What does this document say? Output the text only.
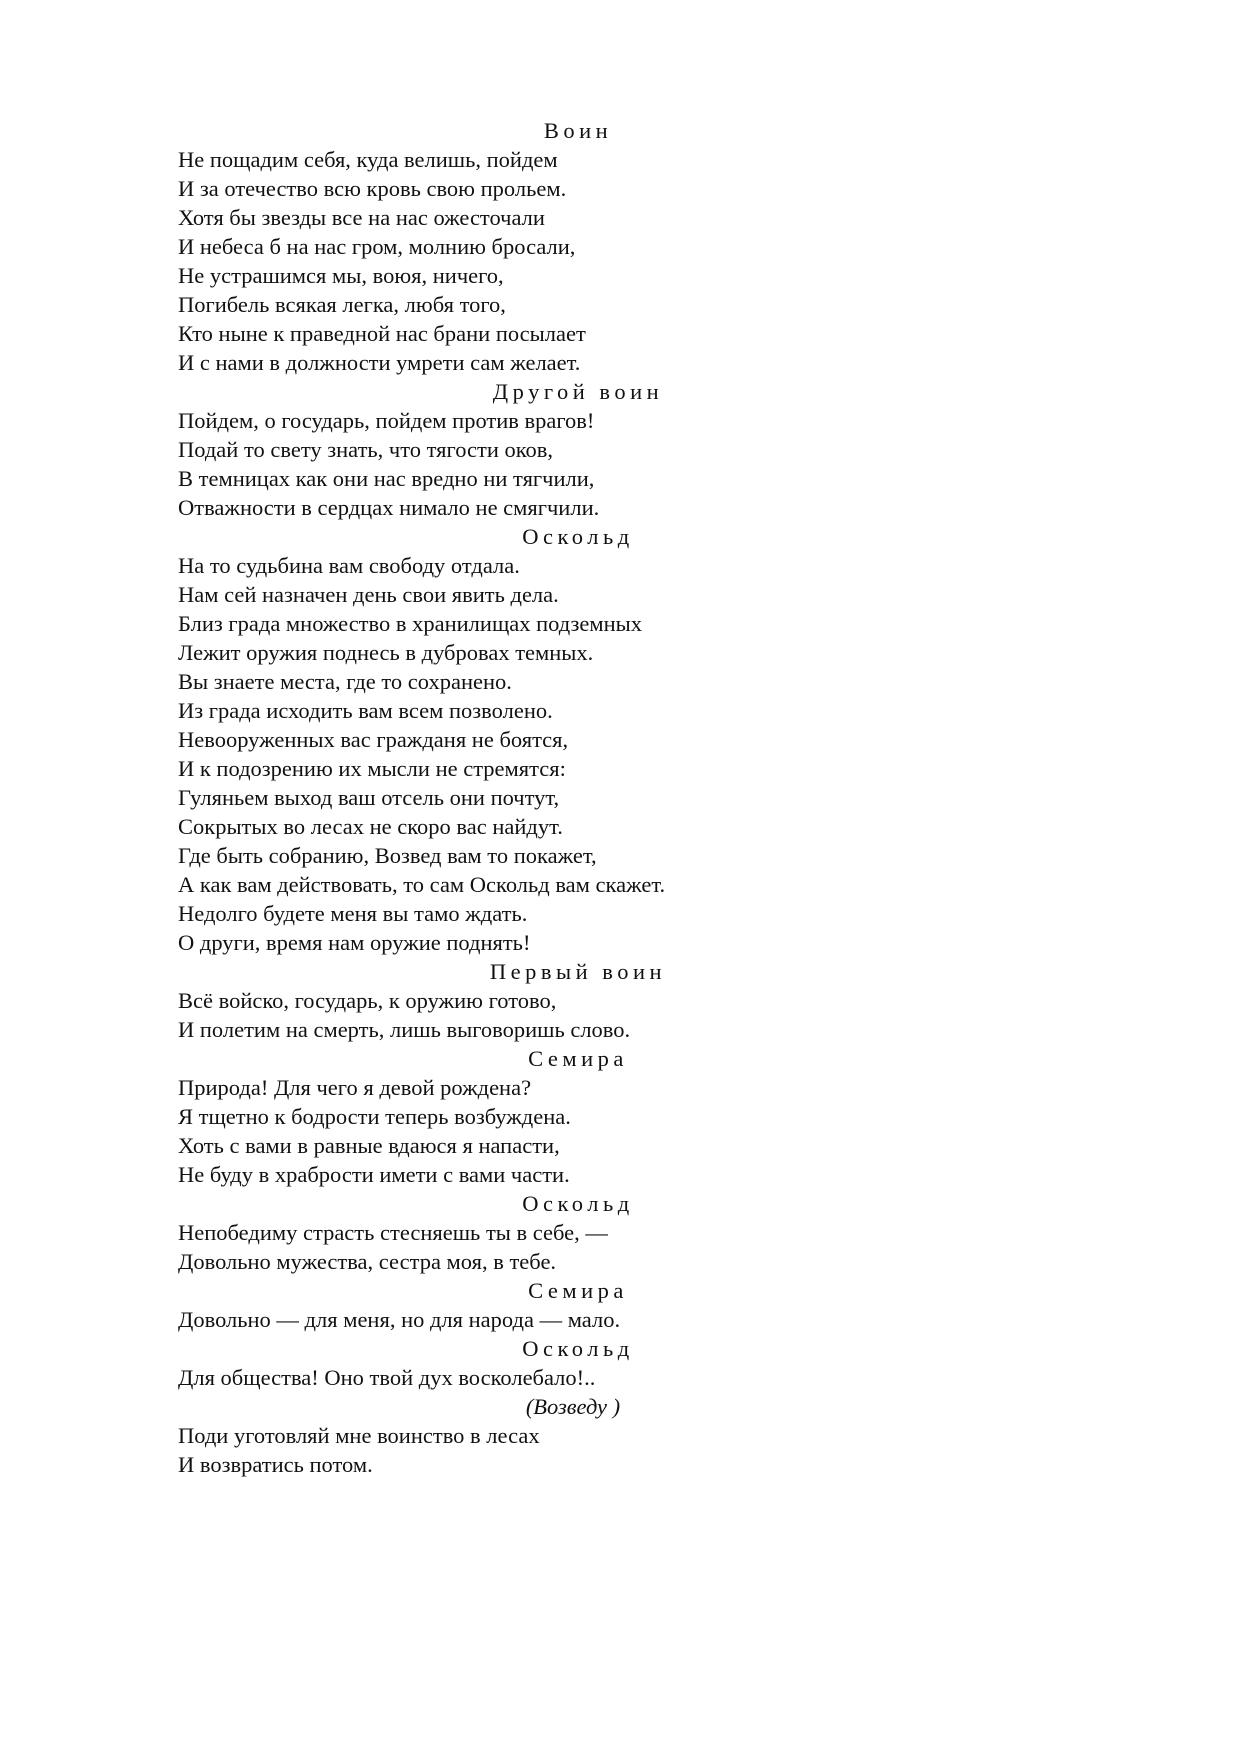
Воин
Не пощадим себя, куда велишь, пойдем
И за отечество всю кровь свою прольем.
Хотя бы звезды все на нас ожесточали
И небеса б на нас гром, молнию бросали,
Не устрашимся мы, воюя, ничего,
Погибель всякая легка, любя того,
Кто ныне к праведной нас брани посылает
И с нами в должности умрети сам желает.
Другой воин
Пойдем, о государь, пойдем против врагов!
Подай то свету знать, что тягости оков,
В темницах как они нас вредно ни тягчили,
Отважности в сердцах нимало не смягчили.
Оскольд
На то судьбина вам свободу отдала.
Нам сей назначен день свои явить дела.
Близ града множество в хранилищах подземных
Лежит оружия поднесь в дубровах темных.
Вы знаете места, где то сохранено.
Из града исходить вам всем позволено.
Невооруженных вас гражданя не боятся,
И к подозрению их мысли не стремятся:
Гуляньем выход ваш отсель они почтут,
Сокрытых во лесах не скоро вас найдут.
Где быть собранию, Возвед вам то покажет,
А как вам действовать, то сам Оскольд вам скажет.
Недолго будете меня вы тамо ждать.
О други, время нам оружие поднять!
Первый воин
Всё войско, государь, к оружию готово,
И полетим на смерть, лишь выговоришь слово.
Семира
Природа! Для чего я девой рождена?
Я тщетно к бодрости теперь возбуждена.
Хоть с вами в равные вдаюся я напасти,
Не буду в храбрости имети с вами части.
Оскольд
Непобедиму страсть стесняешь ты в себе, —
Довольно мужества, сестра моя, в тебе.
Семира
Довольно — для меня, но для народа — мало.
Оскольд
Для общества! Оно твой дух восколебало!..
(Возведу )
Поди уготовляй мне воинство в лесах
И возвратись потом.
